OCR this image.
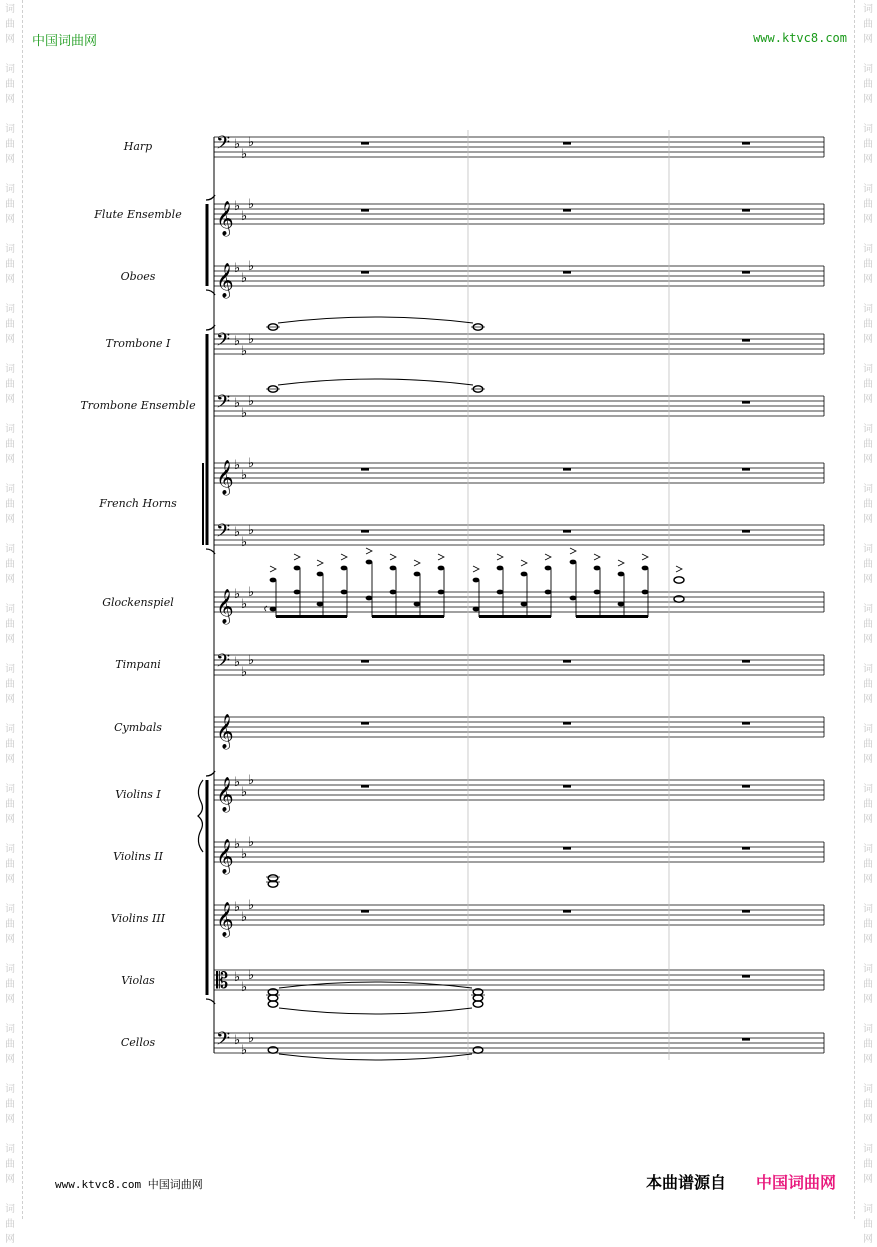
词
曲
网
词
曲
网
词
曲
网
词
曲
网
词
曲
网
词
曲
网
词
曲
网
词
曲
网
词
曲
网
词
曲
网
词
曲
网
词
曲
网
词
曲
网
词
曲
网
词
曲
网
词
曲
网
词
曲
网
词
曲
网
词
曲
网
词
曲
网
词
曲
网
词
曲
网
词
曲
网
词
曲
网
词
曲
网
词
曲
网
词
曲
网
词
曲
网
词
曲
网
词
曲
网
词
曲
网
词
曲
网
词
曲
网
词
曲
网
词
曲
网
词
曲
网
词
曲
网
词
曲
网
词
曲
网
词
曲
网
词
曲
网
词
曲
网
中国词曲网	www.ktvc8.com
Harp
Flute Ensemble
Oboes
Trombone I
Trombone Ensemble
French Horns
Glockenspiel
Timpani
Cymbals
Violins I
Violins II
Violins III
Violas
Cellos
𝄢 ♭
♭
♭
𝄞 ♭
♭
♭
𝄞 ♭
♭
♭
𝄢 ♭
♭
♭
𝄢 ♭
♭
♭
𝄞 ♭
♭
♭
𝄢 ♭
♭
♭
𝄞 ♭
♭
♭
𝄢 ♭
♭
♭
𝄞
𝄞 ♭
♭
♭
𝄞 ♭
♭
♭
𝄞 ♭
♭
♭
𝄡 ♭
♭
♭
𝄢 ♭
♭
♭
www.ktvc8.com 中国词曲网	本曲谱源自 中国词曲网
